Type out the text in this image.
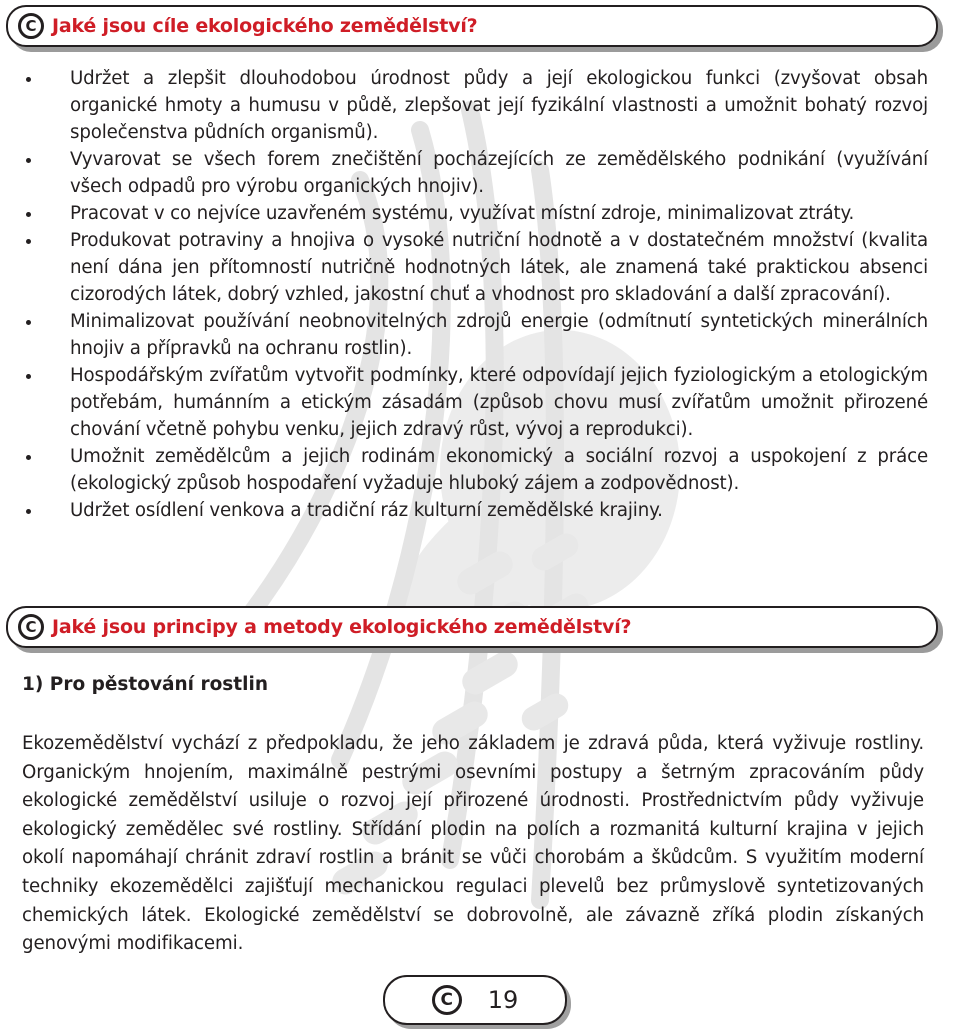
C Jaké jsou cíle ekologického zemědělství?
Udržet a zlepšit dlouhodobou úrodnost půdy a její ekologickou funkci (zvyšovat obsah organické hmoty a humusu v půdě, zlepšovat její fyzikální vlastnosti a umožnit bohatý rozvoj společenstva půdních organismů).
Vyvarovat se všech forem znečištění pocházejících ze zemědělského podnikání (využívání všech odpadů pro výrobu organických hnojiv).
Pracovat v co nejvíce uzavřeném systému, využívat místní zdroje, minimalizovat ztráty.
Produkovat potraviny a hnojiva o vysoké nutriční hodnotě a v dostatečném množství (kvalita není dána jen přítomností nutričně hodnotných látek, ale znamená také praktickou absenci cizorodých látek, dobrý vzhled, jakostní chuť a vhodnost pro skladování a další zpracování).
Minimalizovat používání neobnovitelných zdrojů energie (odmítnutí syntetických minerálních hnojiv a přípravků na ochranu rostlin).
Hospodářským zvířatům vytvořit podmínky, které odpovídají jejich fyziologickým a etologickým potřebám, humánním a etickým zásadám (způsob chovu musí zvířatům umožnit přirozené chování včetně pohybu venku, jejich zdravý růst, vývoj a reprodukci).
Umožnit zemědělcům a jejich rodinám ekonomický a sociální rozvoj a uspokojení z práce (ekologický způsob hospodaření vyžaduje hluboký zájem a zodpovědnost).
Udržet osídlení venkova a tradiční ráz kulturní zemědělské krajiny.
C Jaké jsou principy a metody ekologického zemědělství?
1) Pro pěstování rostlin

Ekozemědělství vychází z předpokladu, že jeho základem je zdravá půda, která vyživuje rostliny. Organickým hnojením, maximálně pestrými osevními postupy a šetrným zpracováním půdy ekologické zemědělství usiluje o rozvoj její přirozené úrodnosti. Prostřednictvím půdy vyživuje ekologický zemědělec své rostliny. Střídání plodin na polích a rozmanitá kulturní krajina v jejich okolí napomáhají chránit zdraví rostlin a bránit se vůči chorobám a škůdcům. S využitím moderní techniky ekozemědělci zajišťují mechanickou regulaci plevelů bez průmyslově syntetizovaných chemických látek. Ekologické zemědělství se dobrovolně, ale závazně zříká plodin získaných genovými modifikacemi.

C	19
